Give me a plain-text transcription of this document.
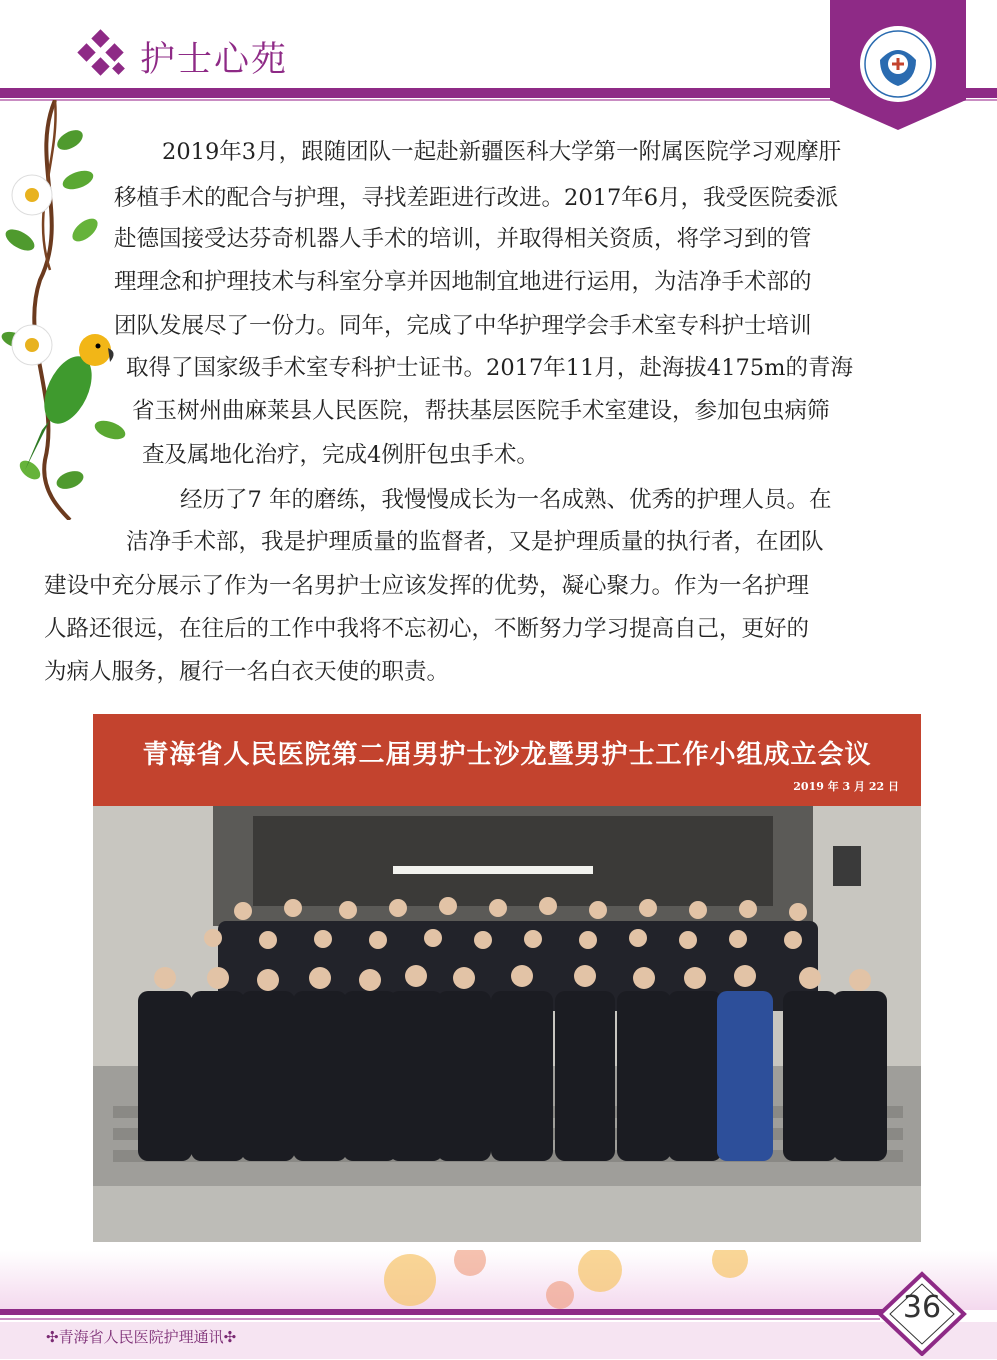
护士心苑
2019年3月，跟随团队一起赴新疆医科大学第一附属医院学习观摩肝
移植手术的配合与护理，寻找差距进行改进。2017年6月，我受医院委派
赴德国接受达芬奇机器人手术的培训，并取得相关资质，将学习到的管
理理念和护理技术与科室分享并因地制宜地进行运用，为洁净手术部的
团队发展尽了一份力。同年，完成了中华护理学会手术室专科护士培训
取得了国家级手术室专科护士证书。2017年11月，赴海拔4175m的青海
省玉树州曲麻莱县人民医院，帮扶基层医院手术室建设，参加包虫病筛
查及属地化治疗，完成4例肝包虫手术。
经历了7 年的磨练，我慢慢成长为一名成熟、优秀的护理人员。在
洁净手术部，我是护理质量的监督者，又是护理质量的执行者，在团队
建设中充分展示了作为一名男护士应该发挥的优势，凝心聚力。作为一名护理
人路还很远，在往后的工作中我将不忘初心，不断努力学习提高自己，更好的
为病人服务，履行一名白衣天使的职责。
青海省人民医院第二届男护士沙龙暨男护士工作小组成立会议
2019 年 3 月 22 日
✣青海省人民医院护理通讯✣
36
